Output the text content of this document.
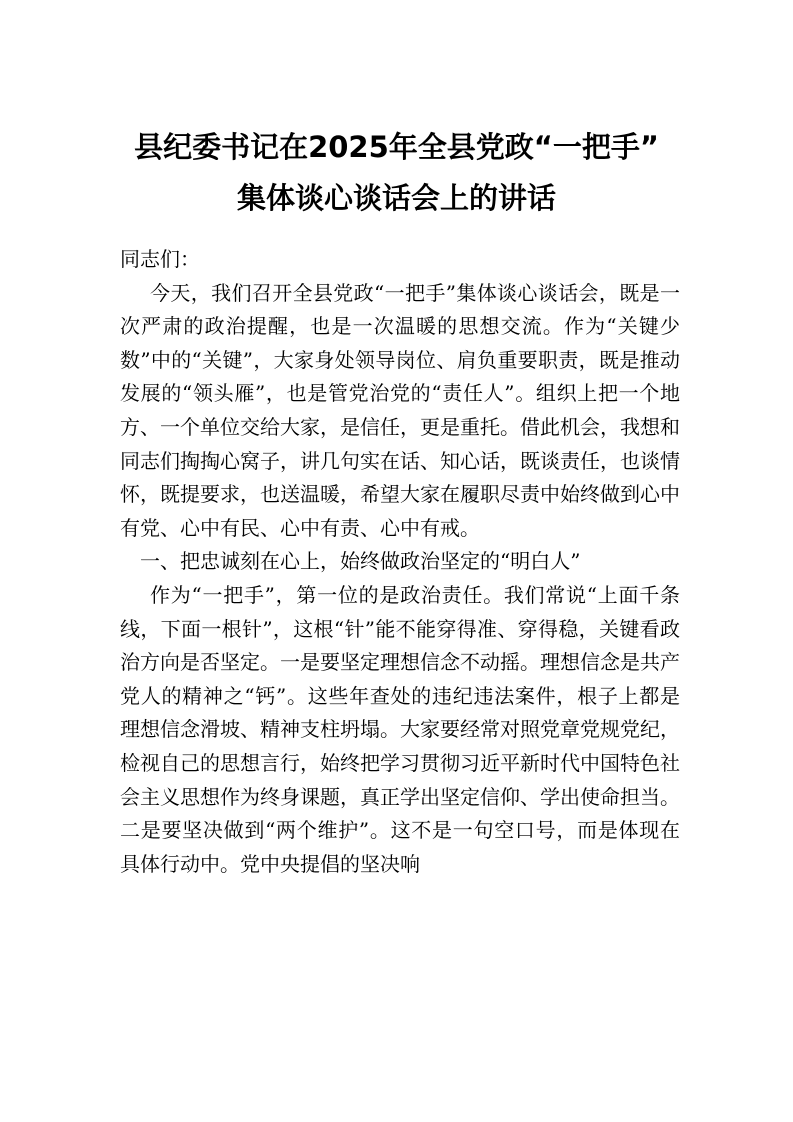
县纪委书记在2025年全县党政“一把手”
集体谈心谈话会上的讲话

同志们：

今天，我们召开全县党政“一把手”集体谈心谈话会，既是一次严肃的政治提醒，也是一次温暖的思想交流。作为“关键少数”中的“关键”，大家身处领导岗位、肩负重要职责，既是推动发展的“领头雁”，也是管党治党的“责任人”。组织上把一个地方、一个单位交给大家，是信任，更是重托。借此机会，我想和同志们掏掏心窝子，讲几句实在话、知心话，既谈责任，也谈情怀，既提要求，也送温暖，希望大家在履职尽责中始终做到心中有党、心中有民、心中有责、心中有戒。

一、把忠诚刻在心上，始终做政治坚定的“明白人”

作为“一把手”，第一位的是政治责任。我们常说“上面千条线，下面一根针”，这根“针”能不能穿得准、穿得稳，关键看政治方向是否坚定。一是要坚定理想信念不动摇。理想信念是共产党人的精神之“钙”。这些年查处的违纪违法案件，根子上都是理想信念滑坡、精神支柱坍塌。大家要经常对照党章党规党纪，检视自己的思想言行，始终把学习贯彻习近平新时代中国特色社会主义思想作为终身课题，真正学出坚定信仰、学出使命担当。二是要坚决做到“两个维护”。这不是一句空口号，而是体现在具体行动中。党中央提倡的坚决响
